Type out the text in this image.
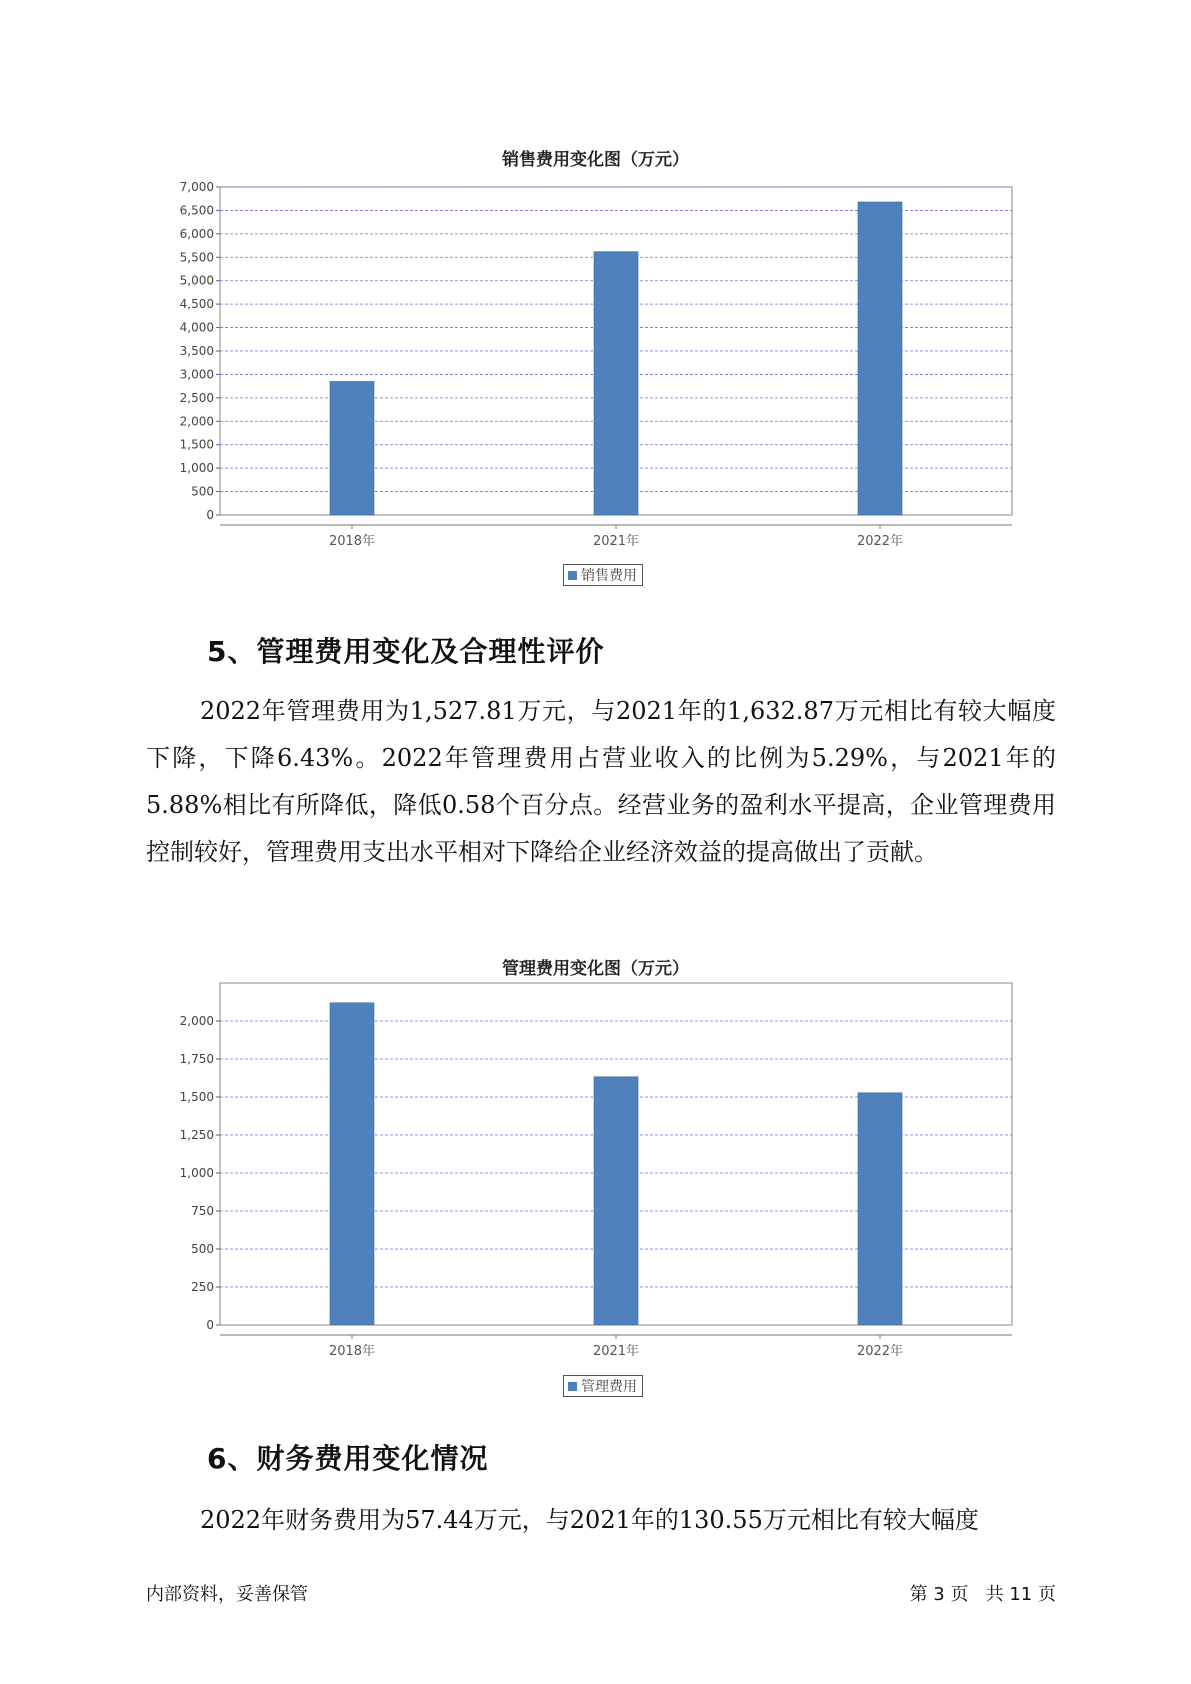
销售费用变化图（万元）
0
500
1,000
1,500
2,000
2,500
3,000
3,500
4,000
4,500
5,000
5,500
6,000
6,500
7,000
2018年	2021年	2022年
销售费用
5、管理费用变化及合理性评价

2022年管理费用为1,527.81万元，与2021年的1,632.87万元相比有较大幅度下降，下降6.43%。2022年管理费用占营业收入的比例为5.29%，与2021年的5.88%相比有所降低，降低0.58个百分点。经营业务的盈利水平提高，企业管理费用控制较好，管理费用支出水平相对下降给企业经济效益的提高做出了贡献。

管理费用变化图（万元）
0
250
500
750
1,000
1,250
1,500
1,750
2,000
2018年	2021年	2022年
管理费用
6、财务费用变化情况

2022年财务费用为57.44万元，与2021年的130.55万元相比有较大幅度

内部资料，妥善保管	第 3 页   共 11 页
